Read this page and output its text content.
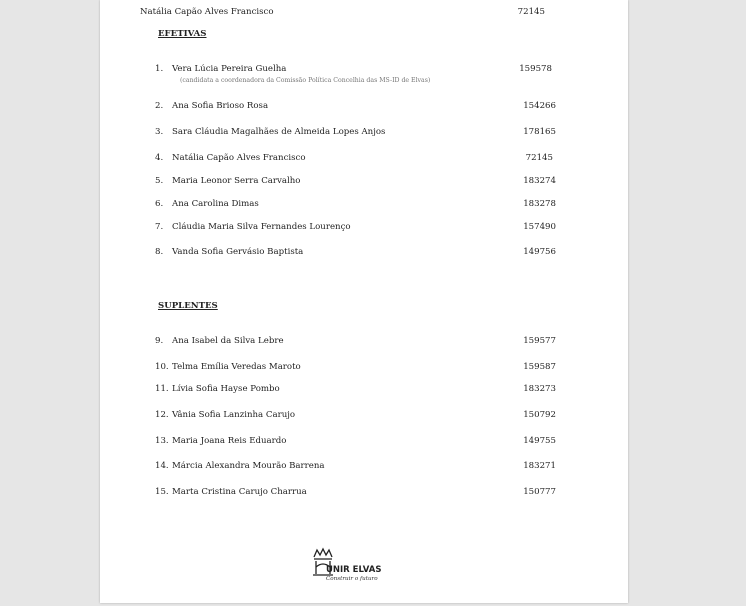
Natália Capão Alves Francisco	72145
EFETIVAS
1. Vera Lúcia Pereira Guelha	159578
(candidata a coordenadora da Comissão Política Concelhia das MS-ID de Elvas)
2. Ana Sofia Brioso Rosa	154266
3. Sara Cláudia Magalhães de Almeida Lopes Anjos	178165
4. Natália Capão Alves Francisco	72145
5. Maria Leonor Serra Carvalho	183274
6. Ana Carolina Dimas	183278
7. Cláudia Maria Silva Fernandes Lourenço	157490
8. Vanda Sofia Gervásio Baptista	149756
SUPLENTES
9. Ana Isabel da Silva Lebre	159577
10. Telma Emília Veredas Maroto	159587
11. Lívia Sofia Hayse Pombo	183273
12. Vânia Sofia Lanzinha Carujo	150792
13. Maria Joana Reis Eduardo	149755
14. Márcia Alexandra Mourão Barrena	183271
15. Marta Cristina Carujo Charrua	150777
UNIR ELVAS
Construir o futuro
